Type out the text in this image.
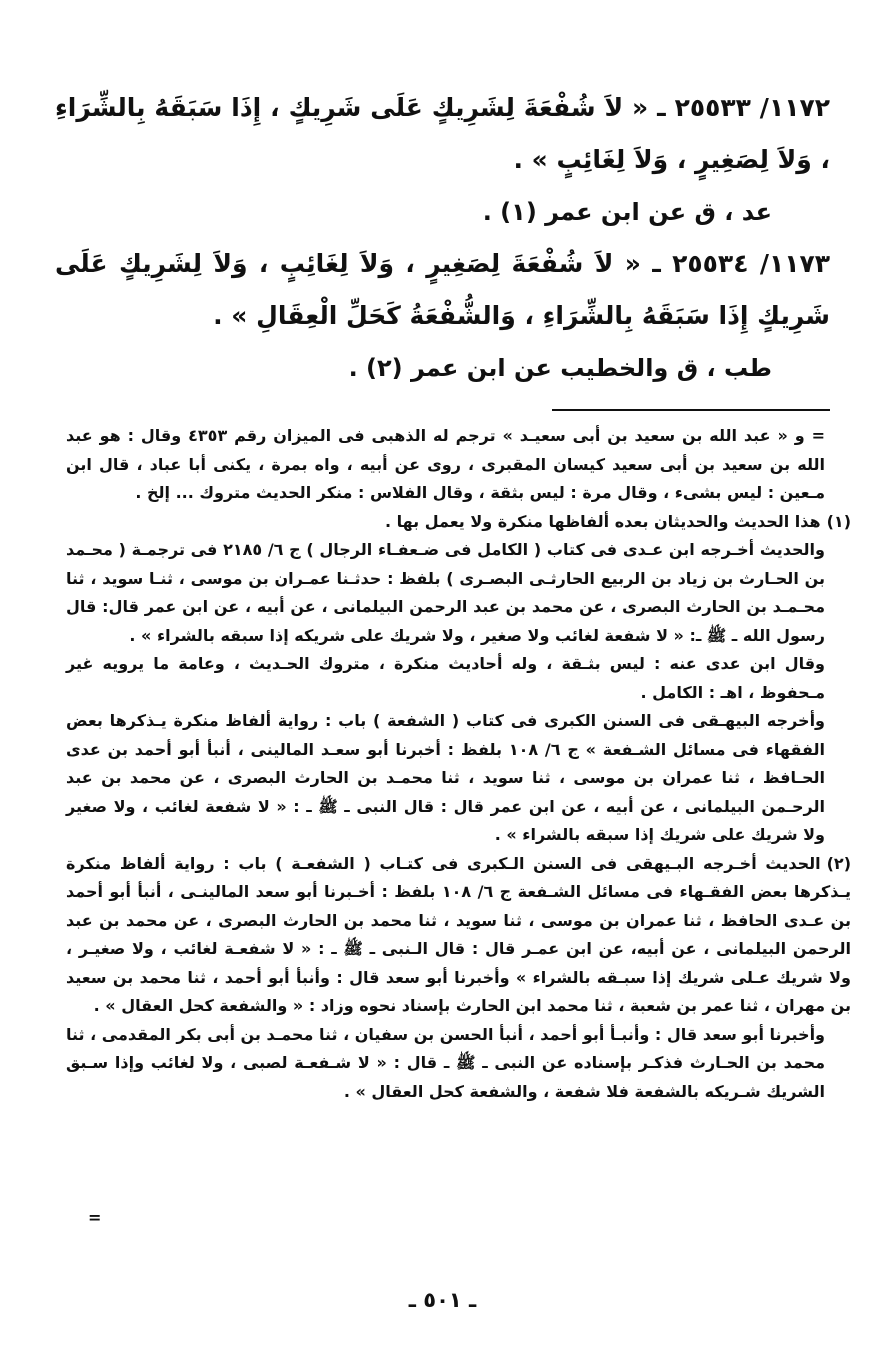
١١٧٢/ ٢٥٥٣٣ ـ « لاَ شُفْعَةَ لِشَرِيكٍ عَلَى شَرِيكٍ ، إِذَا سَبَقَهُ بِالشِّرَاءِ ، وَلاَ لِصَغِيرٍ ، وَلاَ لِغَائِبٍ » .

عد ، ق عن ابن عمر (١) .

١١٧٣/ ٢٥٥٣٤ ـ « لاَ شُفْعَةَ لِصَغِيرٍ ، وَلاَ لِغَائِبٍ ، وَلاَ لِشَرِيكٍ عَلَى شَرِيكٍ إِذَا سَبَقَهُ بِالشِّرَاءِ ، وَالشُّفْعَةُ كَحَلِّ الْعِقَالِ » .

طب ، ق والخطيب عن ابن عمر (٢) .

= و « عبد الله بن سعيد بن أبى سعيـد » ترجم له الذهبى فى الميزان رقم ٤٣٥٣ وقال : هو عبد الله بن سعيد بن أبى سعيد كيسان المقبرى ، روى عن أبيه ، واه بمرة ، يكنى أبا عباد ، قال ابن مـعين : ليس بشىء ، وقال مرة : ليس بثقة ، وقال الفلاس : منكر الحديث متروك ... إلخ .

(١)هذا الحديث والحديثان بعده ألفاظها منكرة ولا يعمل بها .

والحديث أخـرجه ابن عـدى فى كتاب ( الكامل فى ضـعفـاء الرجال ) ج ٦/ ٢١٨٥ فى ترجمـة ( محـمد بن الحـارث بن زياد بن الربيع الحارثـى البصـرى ) بلفظ : حدثـنا عمـران بن موسى ، ثنـا سويد ، ثنا محـمـد بن الحارث البصرى ، عن محمد بن عبد الرحمن البيلمانى ، عن أبيه ، عن ابن عمر قال: قال رسول الله ـ ﷺ ـ: « لا شفعة لغائب ولا صغير ، ولا شريك على شريكه إذا سبقه بالشراء » .

وقال ابن عدى عنه : ليس بثـقة ، وله أحاديث منكرة ، متروك الحـديث ، وعامة ما يرويه غير مـحفوظ ، اهـ : الكامل .

وأخرجه البيهـقى فى السنن الكبرى فى كتاب ( الشفعة ) باب : رواية ألفاظ منكرة يـذكرها بعض الفقهاء فى مسائل الشـفعة » ج ٦/ ١٠٨ بلفظ : أخبرنا أبو سعـد المالينى ، أنبأ أبو أحمد بن عدى الحـافظ ، ثنا عمران بن موسى ، ثنا سويد ، ثنا محمـد بن الحارث البصرى ، عن محمد بن عبد الرحـمن البيلمانى ، عن أبيه ، عن ابن عمر قال : قال النبى ـ ﷺ ـ : « لا شفعة لغائب ، ولا صغير ولا شريك على شريك إذا سبقه بالشراء » .

(٢)الحديث أخـرجه البـيهقى فى السنن الـكبرى فى كتـاب ( الشفعـة ) باب : رواية ألفاظ منكرة يـذكرها بعض الفقـهاء فى مسائل الشـفعة ج ٦/ ١٠٨ بلفظ : أخـبرنا أبو سعد المالينـى ، أنبأ أبو أحمد بن عـدى الحافظ ، ثنا عمران بن موسى ، ثنا سويد ، ثنا محمد بن الحارث البصرى ، عن محمد بن عبد الرحمن البيلمانى ، عن أبيه، عن ابن عمـر قال : قال الـنبى ـ ﷺ ـ : « لا شفعـة لغائب ، ولا صغيـر ، ولا شريك عـلى شريك إذا سبـقه بالشراء » وأخبرنا أبو سعد قال : وأنبأ أبو أحمد ، ثنا محمد بن سعيد بن مهران ، ثنا عمر بن شعبة ، ثنا محمد ابن الحارث بإسناد نحوه وزاد : « والشفعة كحل العقال » .

وأخبرنا أبو سعد قال : وأنبـأ أبو أحمد ، أنبأ الحسن بن سفيان ، ثنا محمـد بن أبى بكر المقدمى ، ثنا محمد بن الحـارث فذكـر بإسناده عن النبى ـ ﷺ ـ قال : « لا شـفعـة لصبى ، ولا لغائب وإذا سـبق الشريك شـريكه بالشفعة فلا شفعة ، والشفعة كحل العقال » .

=
ـ ٥٠١ ـ
